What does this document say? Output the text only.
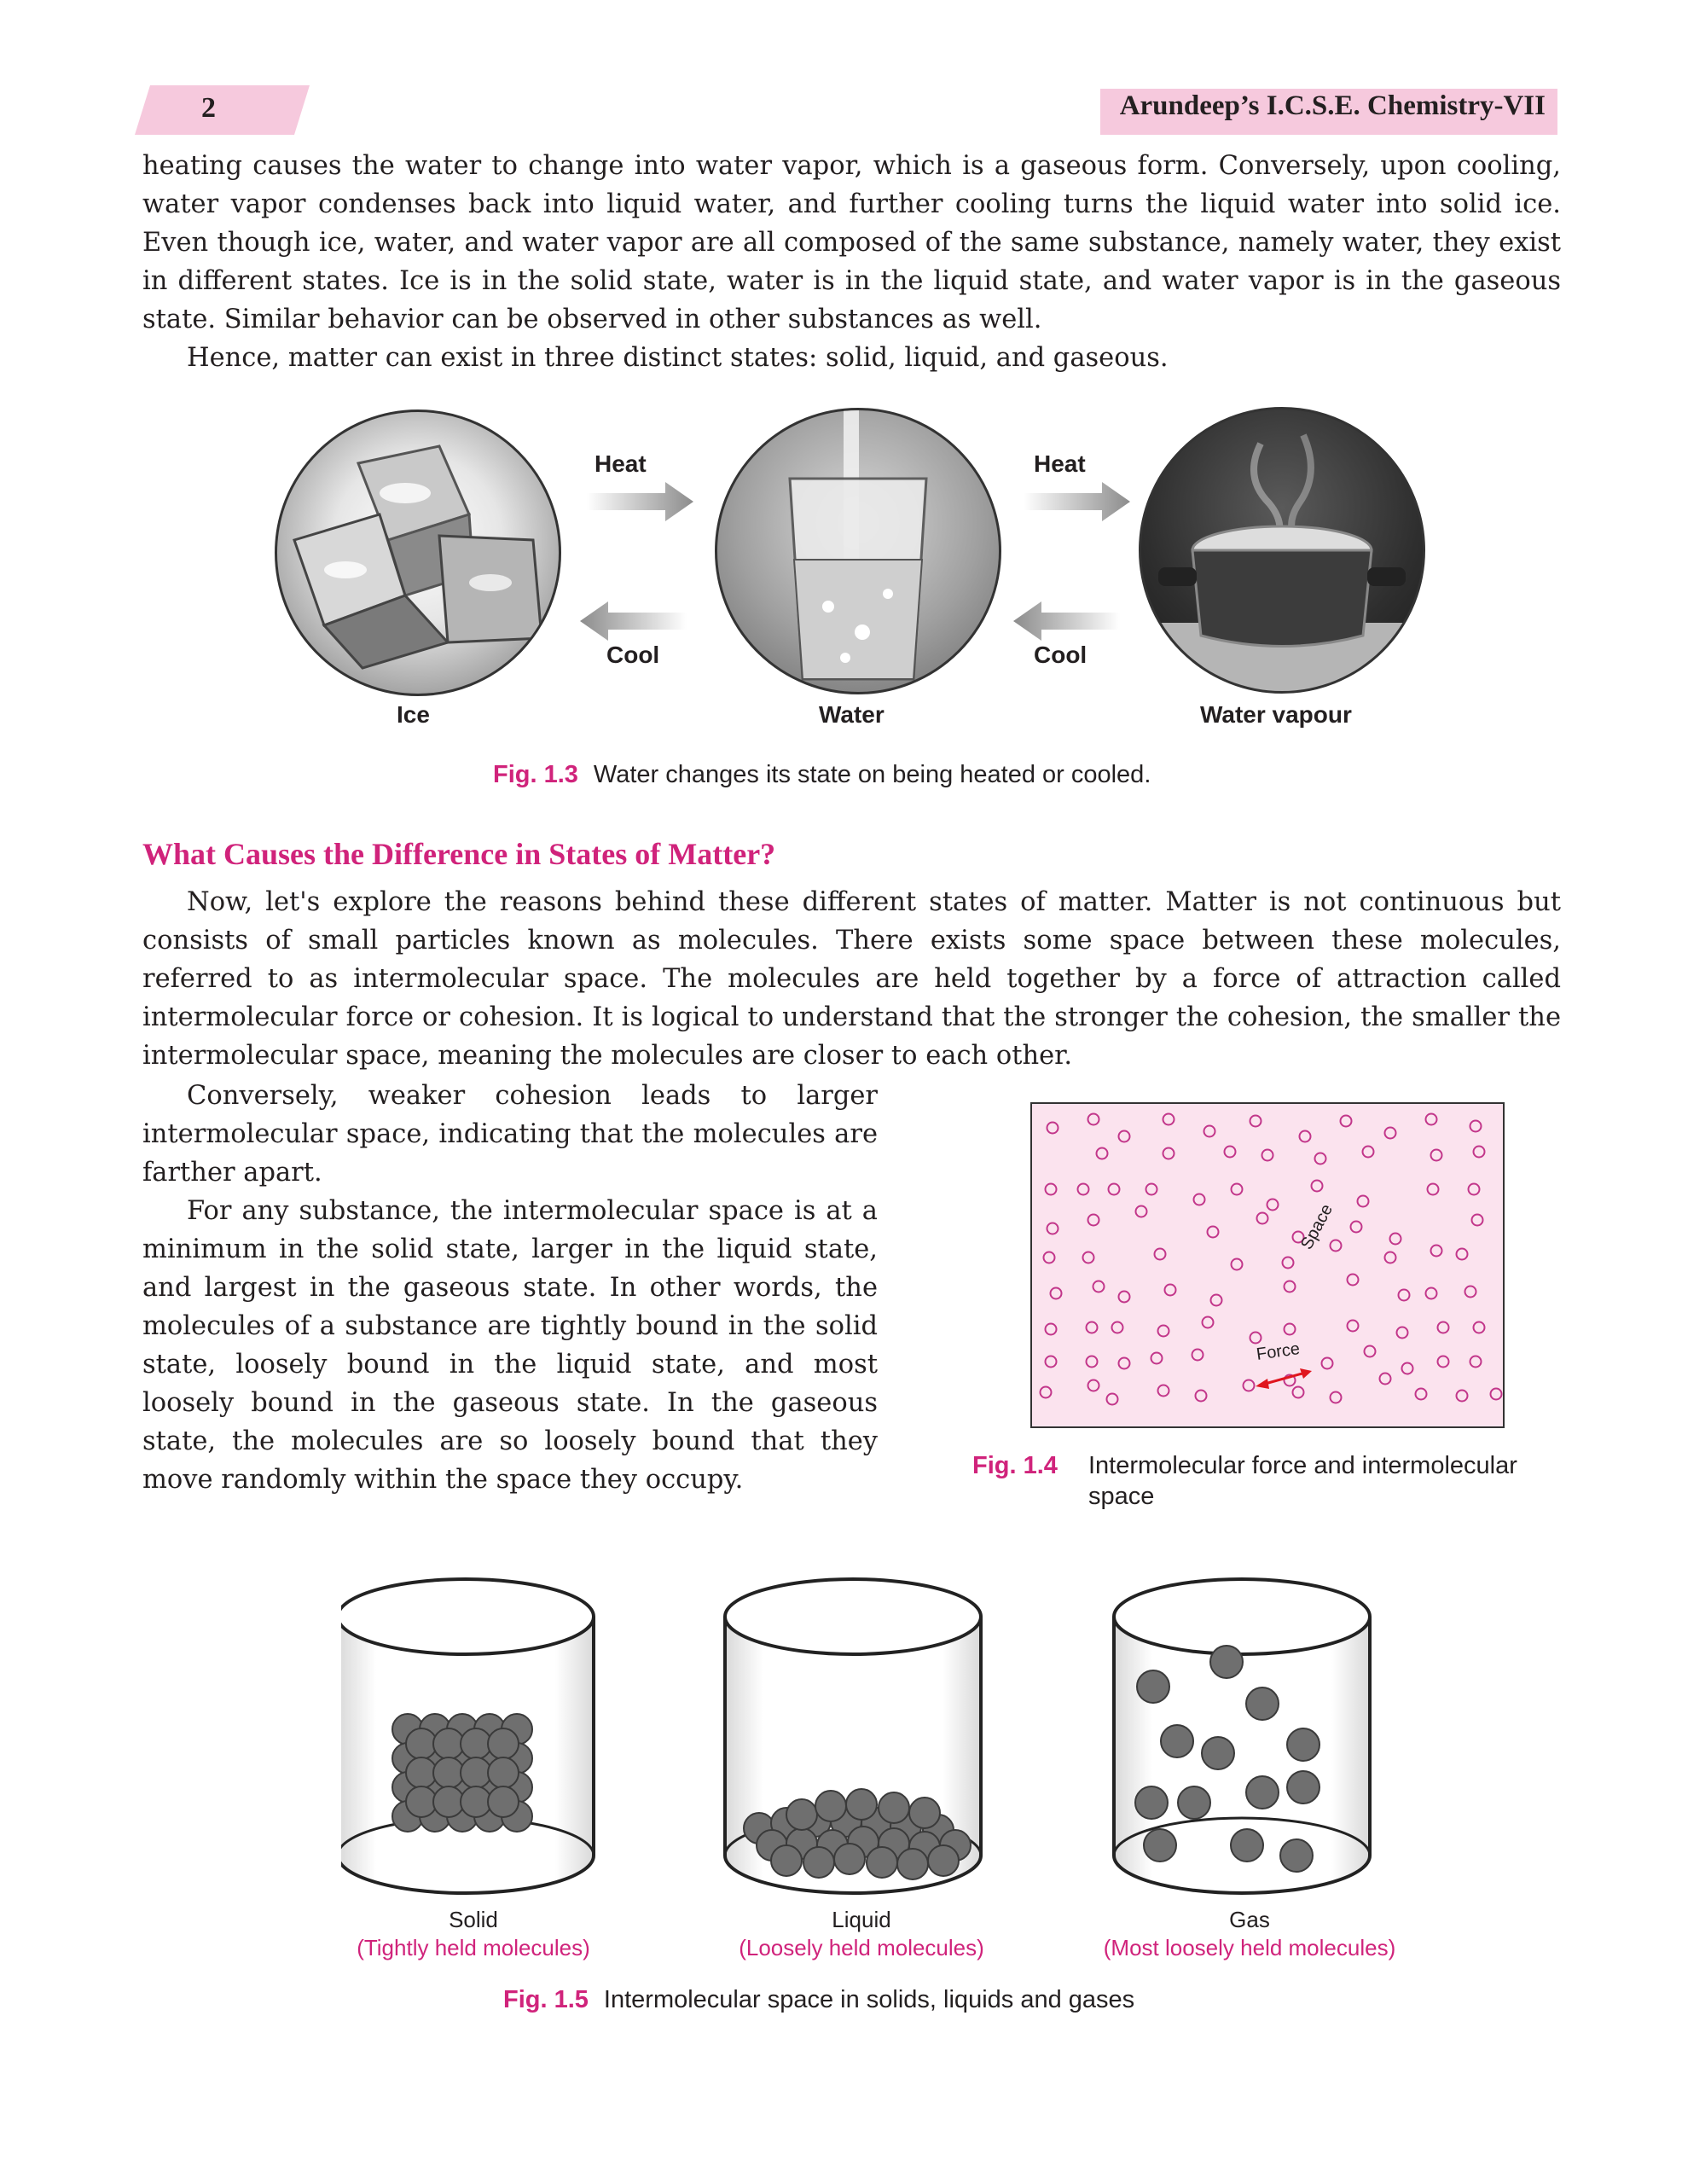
2	Arundeep’s I.C.S.E. Chemistry-VII

heating causes the water to change into water vapor, which is a gaseous form. Conversely, upon cooling, water vapor condenses back into liquid water, and further cooling turns the liquid water into solid ice. Even though ice, water, and water vapor are all composed of the same substance, namely water, they exist in different states. Ice is in the solid state, water is in the liquid state, and water vapor is in the gaseous state. Similar behavior can be observed in other substances as well.

Hence, matter can exist in three distinct states: solid, liquid, and gaseous.

Heat	Heat
Cool	Cool
Ice	Water	Water vapour
Fig. 1.3 Water changes its state on being heated or cooled.
What Causes the Difference in States of Matter?

Now, let's explore the reasons behind these different states of matter. Matter is not continuous but consists of small particles known as molecules. There exists some space between these molecules, referred to as intermolecular space. The molecules are held together by a force of attraction called intermolecular force or cohesion. It is logical to understand that the stronger the cohesion, the smaller the intermolecular space, meaning the molecules are closer to each other.

Conversely, weaker cohesion leads to larger intermolecular space, indicating that the molecules are farther apart.

For any substance, the intermolecular space is at a minimum in the solid state, larger in the liquid state, and largest in the gaseous state. In other words, the molecules of a substance are tightly bound in the solid state, loosely bound in the liquid state, and most loosely bound in the gaseous state. In the gaseous state, the molecules are so loosely bound that they move randomly within the space they occupy.

Space
Force
Fig. 1.4 Intermolecular force and intermolecular space
Solid
(Tightly held molecules)
Liquid
(Loosely held molecules)
Gas
(Most loosely held molecules)
Fig. 1.5 Intermolecular space in solids, liquids and gases
